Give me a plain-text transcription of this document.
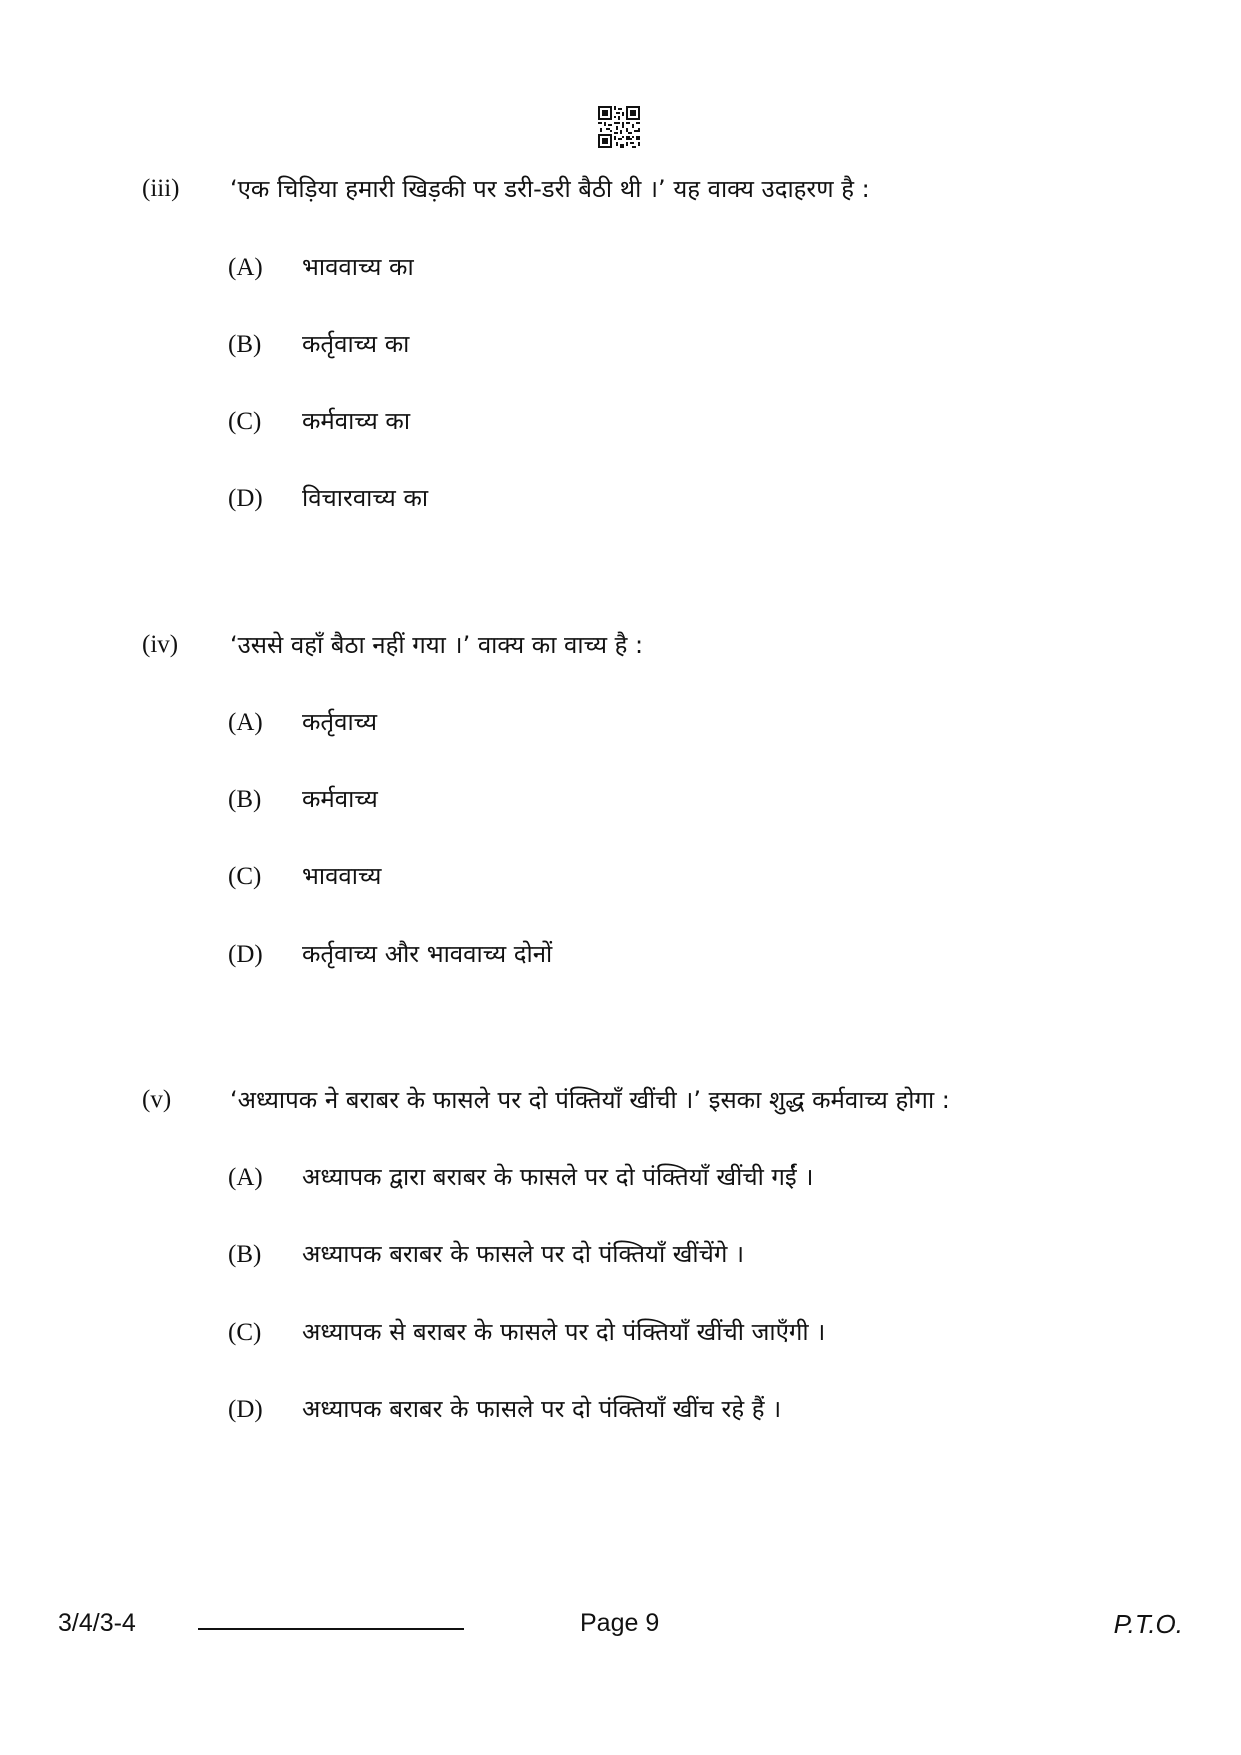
(iii) ‘एक चिड़िया हमारी खिड़की पर डरी-डरी बैठी थी ।’ यह वाक्य उदाहरण है :
(A) भाववाच्य का
(B) कर्तृवाच्य का
(C) कर्मवाच्य का
(D) विचारवाच्य का
(iv) ‘उससे वहाँ बैठा नहीं गया ।’ वाक्य का वाच्य है :
(A) कर्तृवाच्य
(B) कर्मवाच्य
(C) भाववाच्य
(D) कर्तृवाच्य और भाववाच्य दोनों
(v) ‘अध्यापक ने बराबर के फासले पर दो पंक्तियाँ खींची ।’ इसका शुद्ध कर्मवाच्य होगा :
(A) अध्यापक द्वारा बराबर के फासले पर दो पंक्तियाँ खींची गईं ।
(B) अध्यापक बराबर के फासले पर दो पंक्तियाँ खींचेंगे ।
(C) अध्यापक से बराबर के फासले पर दो पंक्तियाँ खींची जाएँगी ।
(D) अध्यापक बराबर के फासले पर दो पंक्तियाँ खींच रहे हैं ।
3/4/3-4	Page 9	P.T.O.
